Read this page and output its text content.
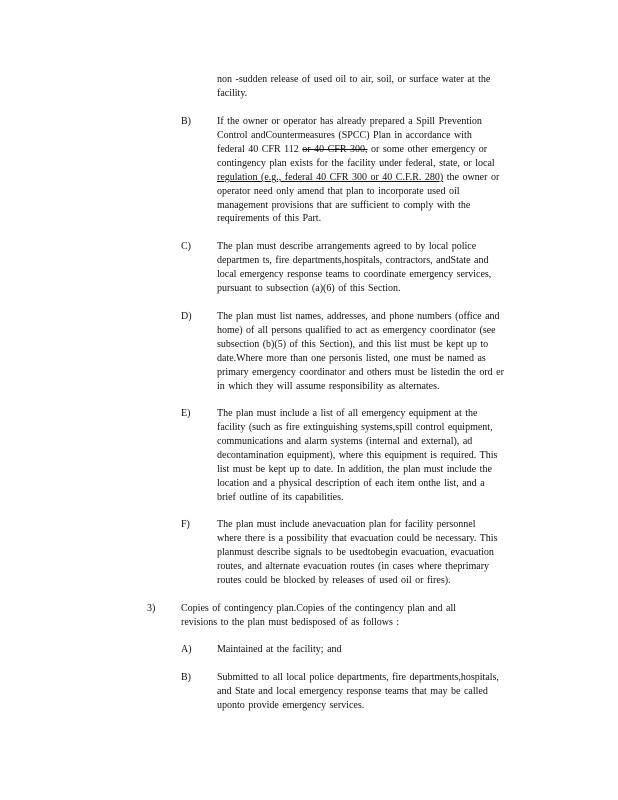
non -sudden release of used oil to air, soil, or surface water at the
facility.
B)	If the owner or operator has already prepared a Spill Prevention
Control andCountermeasures (SPCC) Plan in accordance with
federal 40 CFR 112 or 40 CFR 300, or some other emergency or
contingency plan exists for the facility under federal, state, or local
regulation (e.g., federal 40 CFR 300 or 40 C.F.R. 280) the owner or
operator need only amend that plan to incorporate used oil
management provisions that are sufficient to comply with the
requirements of this Part.
C)	The plan must describe arrangements agreed to by local police
departmen ts, fire departments,hospitals, contractors, andState and
local emergency response teams to coordinate emergency services,
pursuant to subsection (a)(6) of this Section.
D)	The plan must list names, addresses, and phone numbers (office and
home) of all persons qualified to act as emergency coordinator (see
subsection (b)(5) of this Section), and this list must be kept up to
date.Where more than one personis listed, one must be named as
primary emergency coordinator and others must be listedin the ord er
in which they will assume responsibility as alternates.
E)	The plan must include a list of all emergency equipment at the
facility (such as fire extinguishing systems,spill control equipment,
communications and alarm systems (internal and external), ad
decontamination equipment), where this equipment is required. This
list must be kept up to date. In addition, the plan must include the
location and a physical description of each item onthe list, and a
brief outline of its capabilities.
F)	The plan must include anevacuation plan for facility personnel
where there is a possibility that evacuation could be necessary. This
planmust describe signals to be usedtobegin evacuation, evacuation
routes, and alternate evacuation routes (in cases where theprimary
routes could be blocked by releases of used oil or fires).
3)	Copies of contingency plan.Copies of the contingency plan and all
revisions to the plan must bedisposed of as follows :
A)	Maintained at the facility; and
B)	Submitted to all local police departments, fire departments,hospitals,
and State and local emergency response teams that may be called
uponto provide emergency services.
